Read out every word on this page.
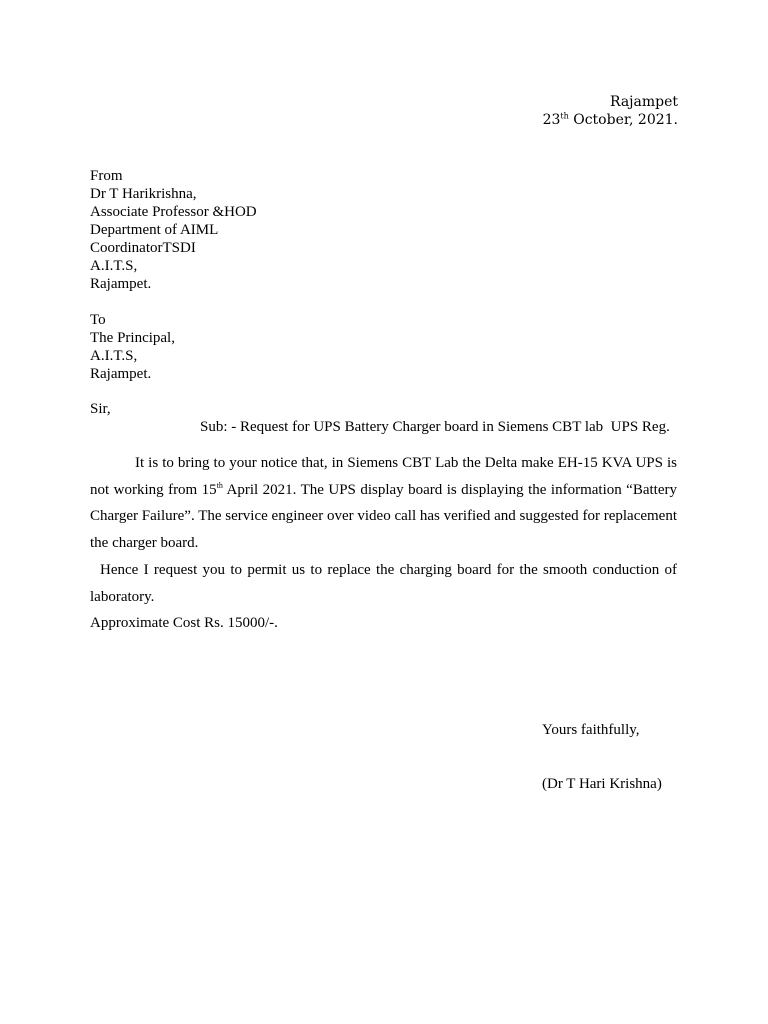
Rajampet
23th October, 2021.
From
Dr T Harikrishna,
Associate Professor &HOD
Department of AIML
CoordinatorTSDI
A.I.T.S,
Rajampet.
To
The Principal,
A.I.T.S,
Rajampet.
Sir,
Sub: - Request for UPS Battery Charger board in Siemens CBT lab  UPS Reg.

It is to bring to your notice that, in Siemens CBT Lab the Delta make EH-15 KVA UPS is not working from 15th April 2021. The UPS display board is displaying the information “Battery Charger Failure”. The service engineer over video call has verified and suggested for replacement the charger board.

Hence I request you to permit us to replace the charging board for the smooth conduction of laboratory.

Approximate Cost Rs. 15000/-.

Yours faithfully,
(Dr T Hari Krishna)
